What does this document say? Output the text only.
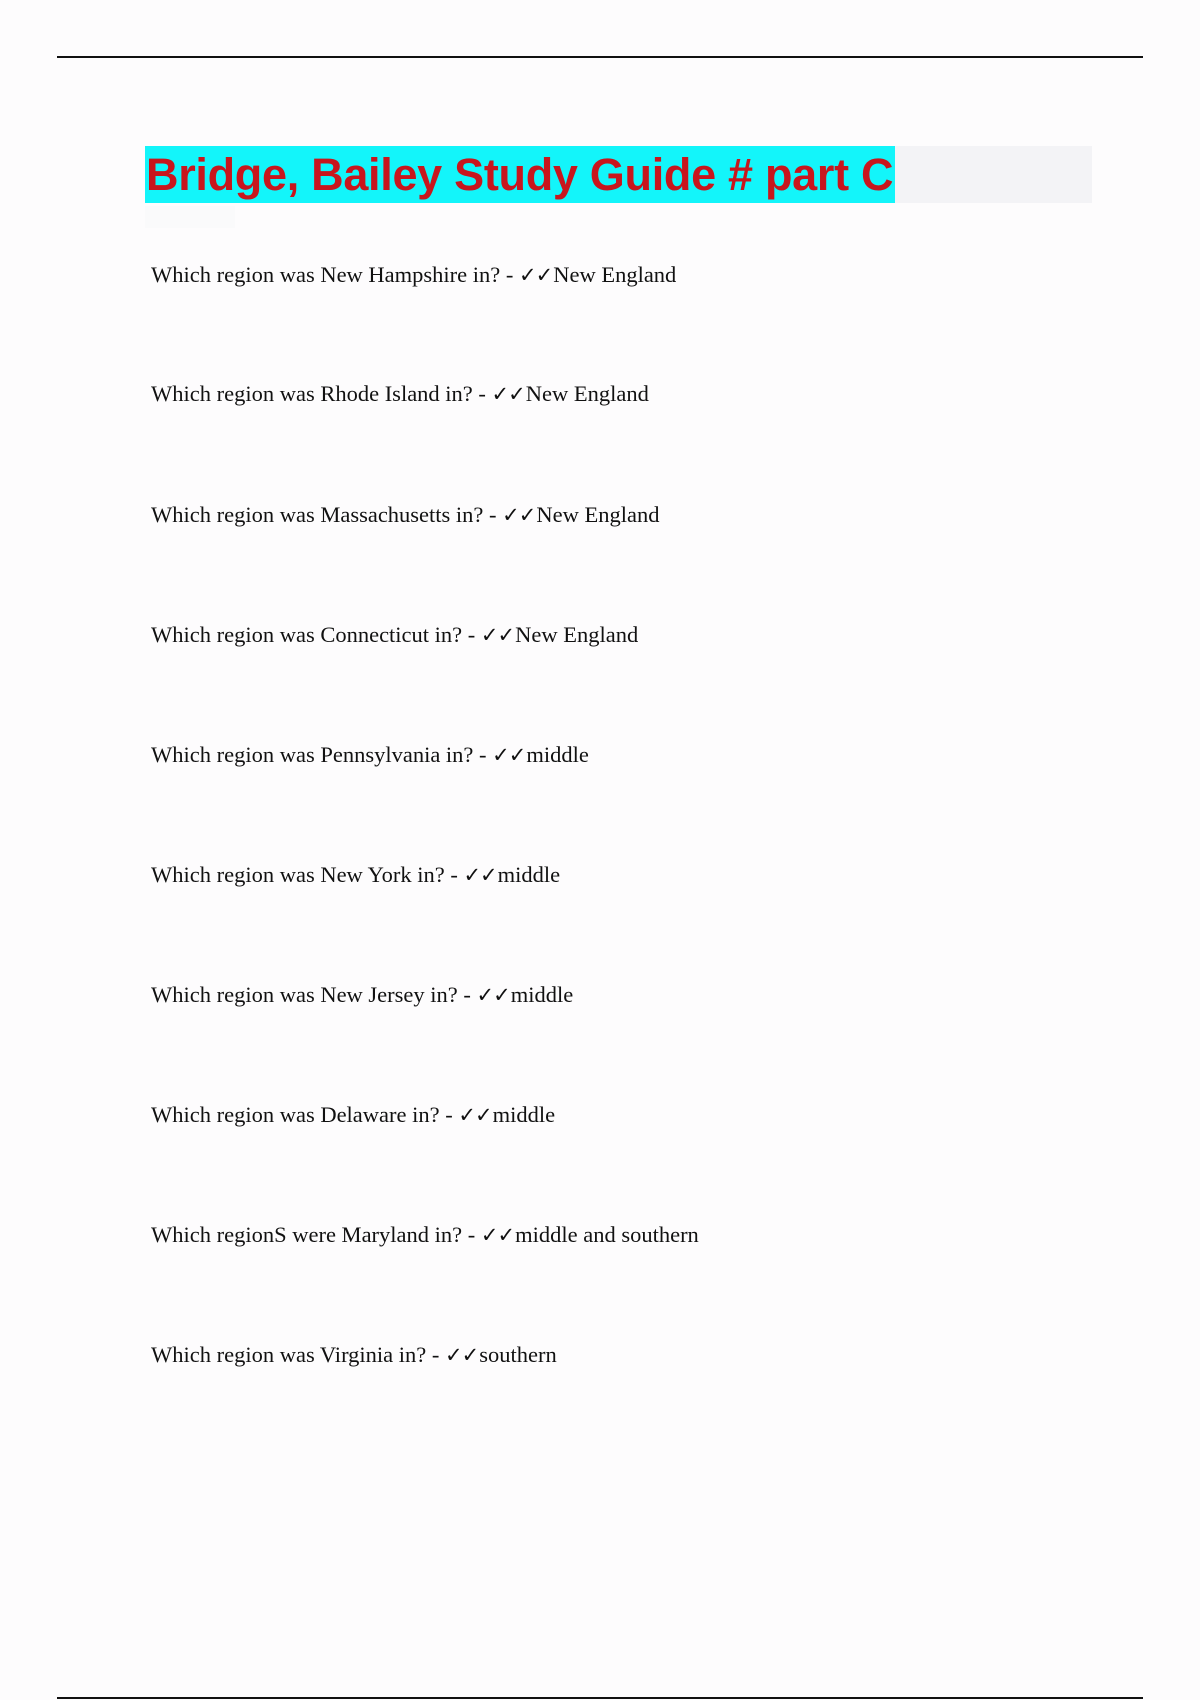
Bridge, Bailey Study Guide # part C
Which region was New Hampshire in? - ✓✓New England
Which region was Rhode Island in? - ✓✓New England
Which region was Massachusetts in? - ✓✓New England
Which region was Connecticut in? - ✓✓New England
Which region was Pennsylvania in? - ✓✓middle
Which region was New York in? - ✓✓middle
Which region was New Jersey in? - ✓✓middle
Which region was Delaware in? - ✓✓middle
Which regionS were Maryland in? - ✓✓middle and southern
Which region was Virginia in? - ✓✓southern
